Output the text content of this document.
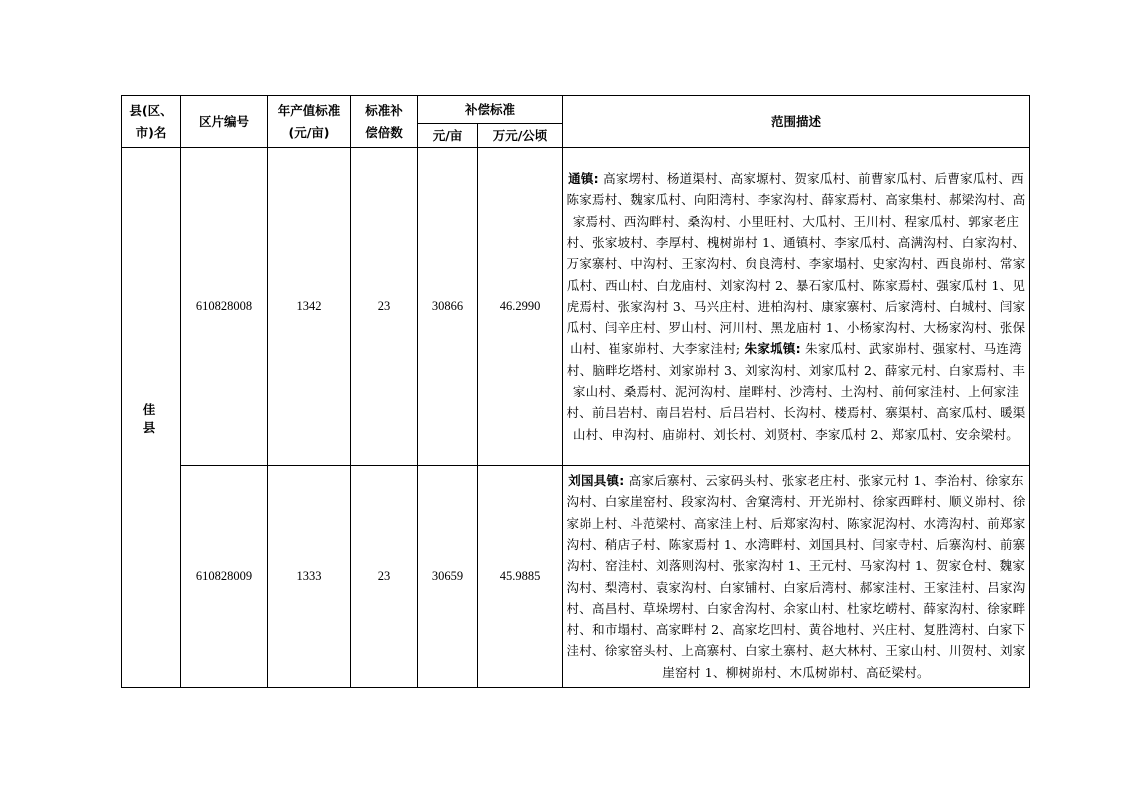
县(区、市)名	区片编号	年产值标准(元/亩)	标准补偿倍数	补偿标准		范围描述
				元/亩	万元/公顷	
佳 县	610828008	1342	23	30866	46.2990	通镇: 高家塄村、杨道渠村、高家塬村、贺家瓜村、前曹家瓜村、后曹家瓜村、西陈家焉村、魏家瓜村、向阳湾村、李家沟村、薛家焉村、高家集村、郝梁沟村、高家焉村、西沟畔村、桑沟村、小里旺村、大瓜村、王川村、程家瓜村、郭家老庄村、张家坡村、李厚村、槐树峁村 1、通镇村、李家瓜村、高满沟村、白家沟村、万家寨村、中沟村、王家沟村、贠良湾村、李家塌村、史家沟村、西良峁村、常家瓜村、西山村、白龙庙村、刘家沟村 2、暴石家瓜村、陈家焉村、强家瓜村 1、见虎焉村、张家沟村 3、马兴庄村、进柏沟村、康家寨村、后家湾村、白城村、闫家瓜村、闫辛庄村、罗山村、河川村、黑龙庙村 1、小杨家沟村、大杨家沟村、张保山村、崔家峁村、大李家洼村; 朱家坬镇: 朱家瓜村、武家峁村、强家村、马连湾村、脑畔圪塔村、刘家峁村 3、刘家沟村、刘家瓜村 2、薛家元村、白家焉村、丰家山村、桑焉村、泥河沟村、崖畔村、沙湾村、土沟村、前何家洼村、上何家洼村、前吕岩村、南吕岩村、后吕岩村、长沟村、楼焉村、寨渠村、高家瓜村、暖渠山村、申沟村、庙峁村、刘长村、刘贤村、李家瓜村 2、郑家瓜村、安余梁村。
	610828009	1333	23	30659	45.9885	刘国具镇: 高家后寨村、云家码头村、张家老庄村、张家元村 1、李治村、徐家东沟村、白家崖窑村、段家沟村、舍窠湾村、开光峁村、徐家西畔村、顺义峁村、徐家峁上村、斗范梁村、高家洼上村、后郑家沟村、陈家泥沟村、水湾沟村、前郑家沟村、稍店子村、陈家焉村 1、水湾畔村、刘国具村、闫家寺村、后寨沟村、前寨沟村、窑洼村、刘落则沟村、张家沟村 1、王元村、马家沟村 1、贺家仓村、魏家沟村、梨湾村、袁家沟村、白家铺村、白家后湾村、郝家洼村、王家洼村、吕家沟村、高昌村、草垛塄村、白家舍沟村、余家山村、杜家圪崂村、薛家沟村、徐家畔村、和市塌村、高家畔村 2、高家圪凹村、黄谷地村、兴庄村、复胜湾村、白家下洼村、徐家窑头村、上高寨村、白家土寨村、赵大林村、王家山村、川贺村、刘家崖窑村 1、柳树峁村、木瓜树峁村、高砭梁村。
